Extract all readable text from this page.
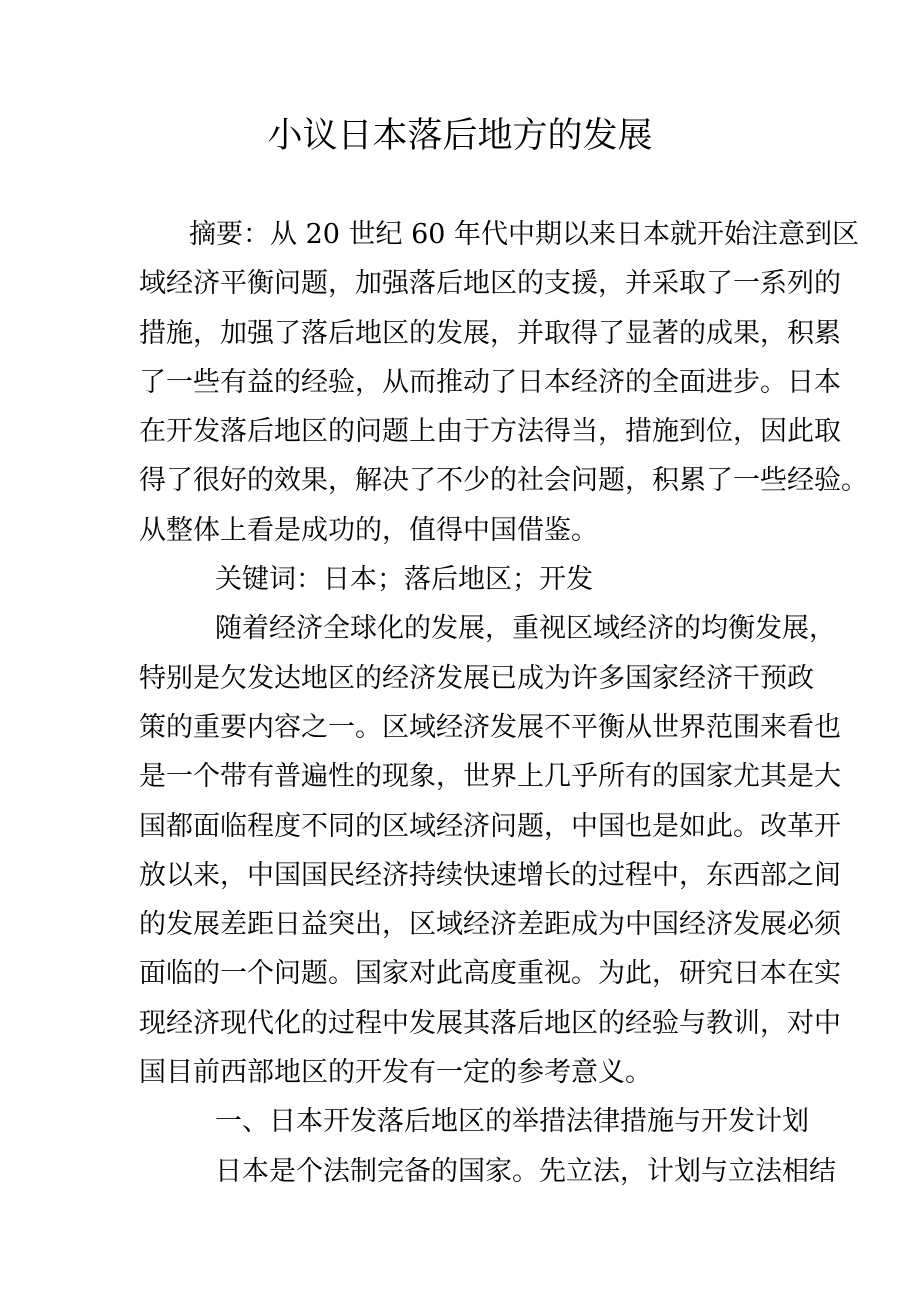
小议日本落后地方的发展
摘要：从 20 世纪 60 年代中期以来日本就开始注意到区
域经济平衡问题，加强落后地区的支援，并采取了一系列的
措施，加强了落后地区的发展，并取得了显著的成果，积累
了一些有益的经验，从而推动了日本经济的全面进步。日本
在开发落后地区的问题上由于方法得当，措施到位，因此取
得了很好的效果，解决了不少的社会问题，积累了一些经验。
从整体上看是成功的，值得中国借鉴。
关键词：日本；落后地区；开发
随着经济全球化的发展，重视区域经济的均衡发展，
特别是欠发达地区的经济发展已成为许多国家经济干预政
策的重要内容之一。区域经济发展不平衡从世界范围来看也
是一个带有普遍性的现象，世界上几乎所有的国家尤其是大
国都面临程度不同的区域经济问题，中国也是如此。改革开
放以来，中国国民经济持续快速增长的过程中，东西部之间
的发展差距日益突出，区域经济差距成为中国经济发展必须
面临的一个问题。国家对此高度重视。为此，研究日本在实
现经济现代化的过程中发展其落后地区的经验与教训，对中
国目前西部地区的开发有一定的参考意义。
一、日本开发落后地区的举措法律措施与开发计划
日本是个法制完备的国家。先立法，计划与立法相结
